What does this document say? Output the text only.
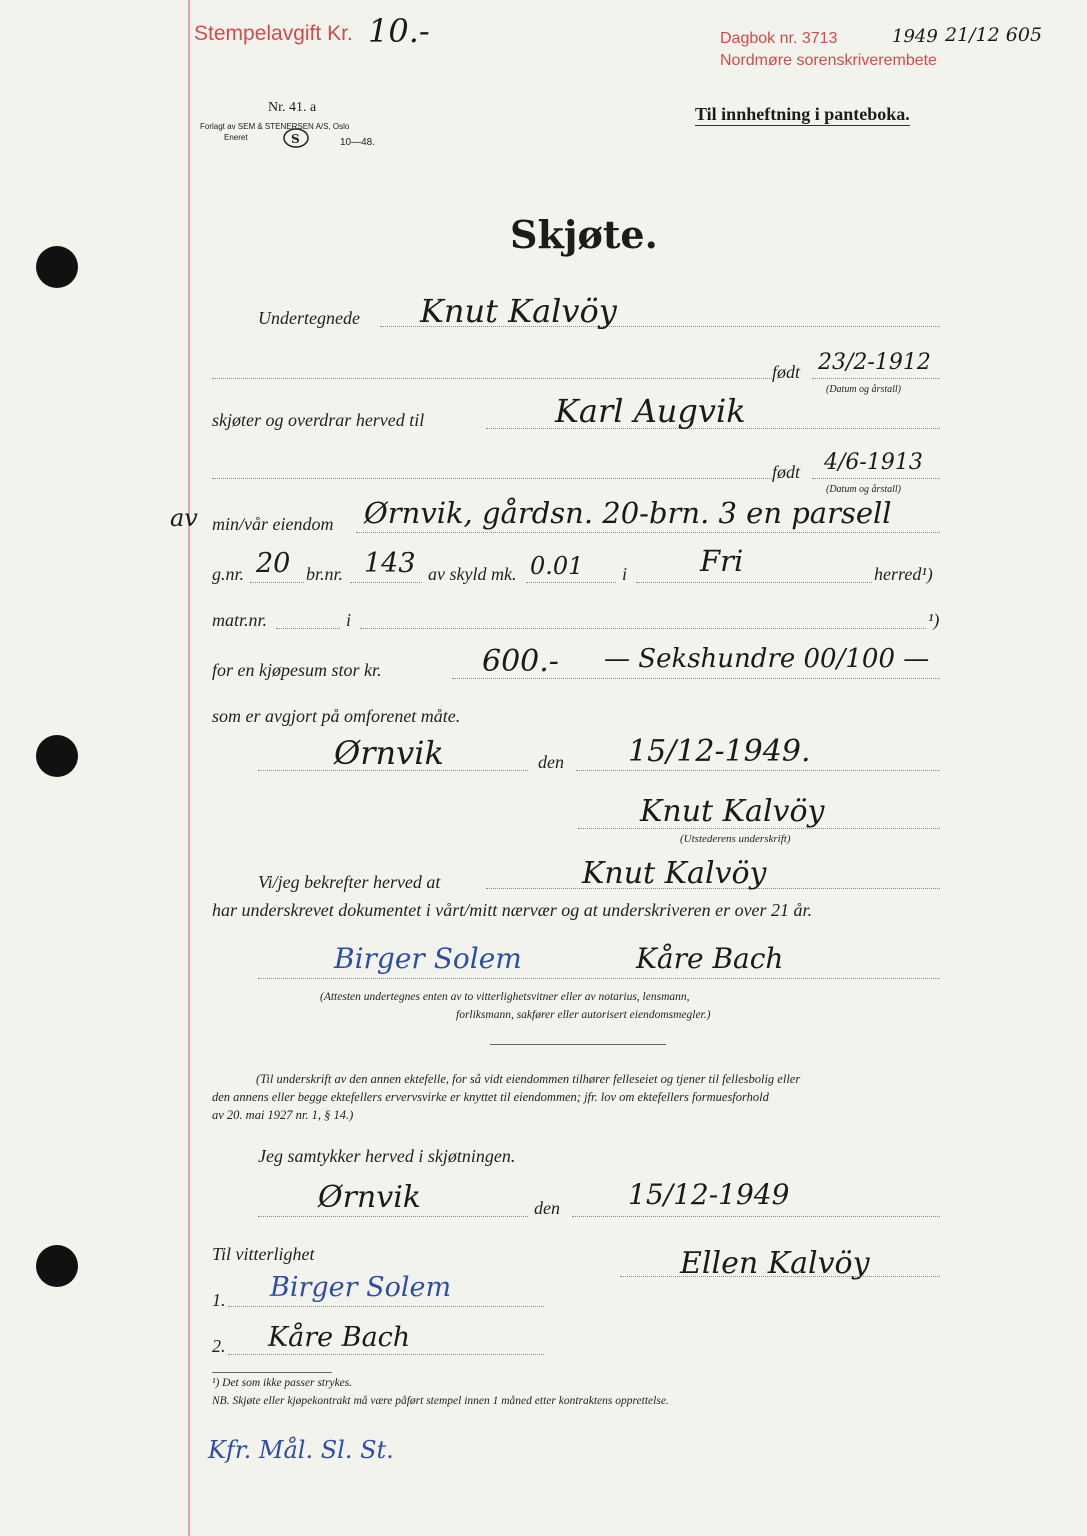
Stempelavgift Kr. 10.-	Dagbok nr. 3713	1949 21/12 605
Nordmøre sorenskriverembete
Nr. 41. a
Forlagt av SEM & STENERSEN A/S, Oslo
Eneret	S	10—48.
Til innheftning i panteboka.
Skjøte.
Undertegnede Knut Kalvöy
født 23/2-1912
(Datum og årstall)
skjøter og overdrar herved til	Karl Augvik
født 4/6-1913
(Datum og årstall)
av min/vår eiendom Ørnvik, gårdsn. 20-brn. 3 en parsell
g.nr. 20 br.nr. 143 av skyld mk. 0.01 i	Fri	herred¹)
matr.nr.	i	¹)
for en kjøpesum stor kr.	600.- — Sekshundre 00/100 —
som er avgjort på omforenet måte.
Ørnvik	den 15/12-1949.
Knut Kalvöy
(Utstederens underskrift)
Vi/jeg bekrefter herved at	Knut Kalvöy
har underskrevet dokumentet i vårt/mitt nærvær og at underskriveren er over 21 år.
Birger Solem	Kåre Bach
(Attesten undertegnes enten av to vitterlighetsvitner eller av notarius, lensmann,
forliksmann, sakfører eller autorisert eiendomsmegler.)
(Til underskrift av den annen ektefelle, for så vidt eiendommen tilhører felleseiet og tjener til fellesbolig eller
den annens eller begge ektefellers ervervsvirke er knyttet til eiendommen; jfr. lov om ektefellers formuesforhold
av 20. mai 1927 nr. 1, § 14.)
Jeg samtykker herved i skjøtningen.
Ørnvik	den 15/12-1949
Til vitterlighet	Ellen Kalvöy
1. Birger Solem
2. Kåre Bach
¹) Det som ikke passer strykes.
NB. Skjøte eller kjøpekontrakt må være påført stempel innen 1 måned etter kontraktens opprettelse.
Kfr. Mål. Sl. St.
